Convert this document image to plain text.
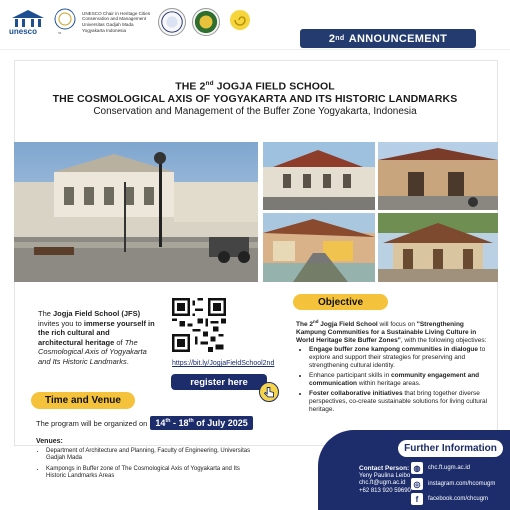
unesco	UGM
UNESCO Chair in Heritage Cities Conservation and Management Universitas Gadjah Mada Yogyakarta Indonesia
2 nd
ANNOUNCEMENT
THE 2nd JOGJA FIELD SCHOOL
THE COSMOLOGICAL AXIS OF YOGYAKARTA AND ITS HISTORIC LANDMARKS
Conservation and Management of the Buffer Zone Yogyakarta, Indonesia
The Jogja Field School (JFS) invites you to immerse yourself in the rich cultural and architectural heritage of The Cosmological Axis of Yogyakarta and Its Historic Landmarks.	https://bit.ly/JogjaFieldSchool2nd
register here
Time and Venue
The program will be organized on 14th - 18th of July 2025
Venues:
• Department of Architecture and Planning, Faculty of Engineering, Universitas Gadjah Mada
• Kampongs in Buffer zone of The Cosmological Axis of Yogyakarta and Its Historic Landmarks Areas
Objective
The 2nd Jogja Field School will focus on "Strengthening Kampung Communities for a Sustainable Living Culture in World Heritage Site Buffer Zones", with the following objectives:
• Engage buffer zone kampong communities in dialogue to explore and support their strategies for preserving and strengthening cultural identity.
• Enhance participant skills in community engagement and communication within heritage areas.
• Foster collaborative initiatives that bring together diverse perspectives, co-create sustainable solutions for living cultural heritage.
Further Information
Contact Person:
Yeny Paulina Leibo
chc.ft@ugm.ac.id
+62 813 920 59690
◍	chc.ft.ugm.ac.id
◎	instagram.com/hcomugm
f	facebook.com/chcugm
